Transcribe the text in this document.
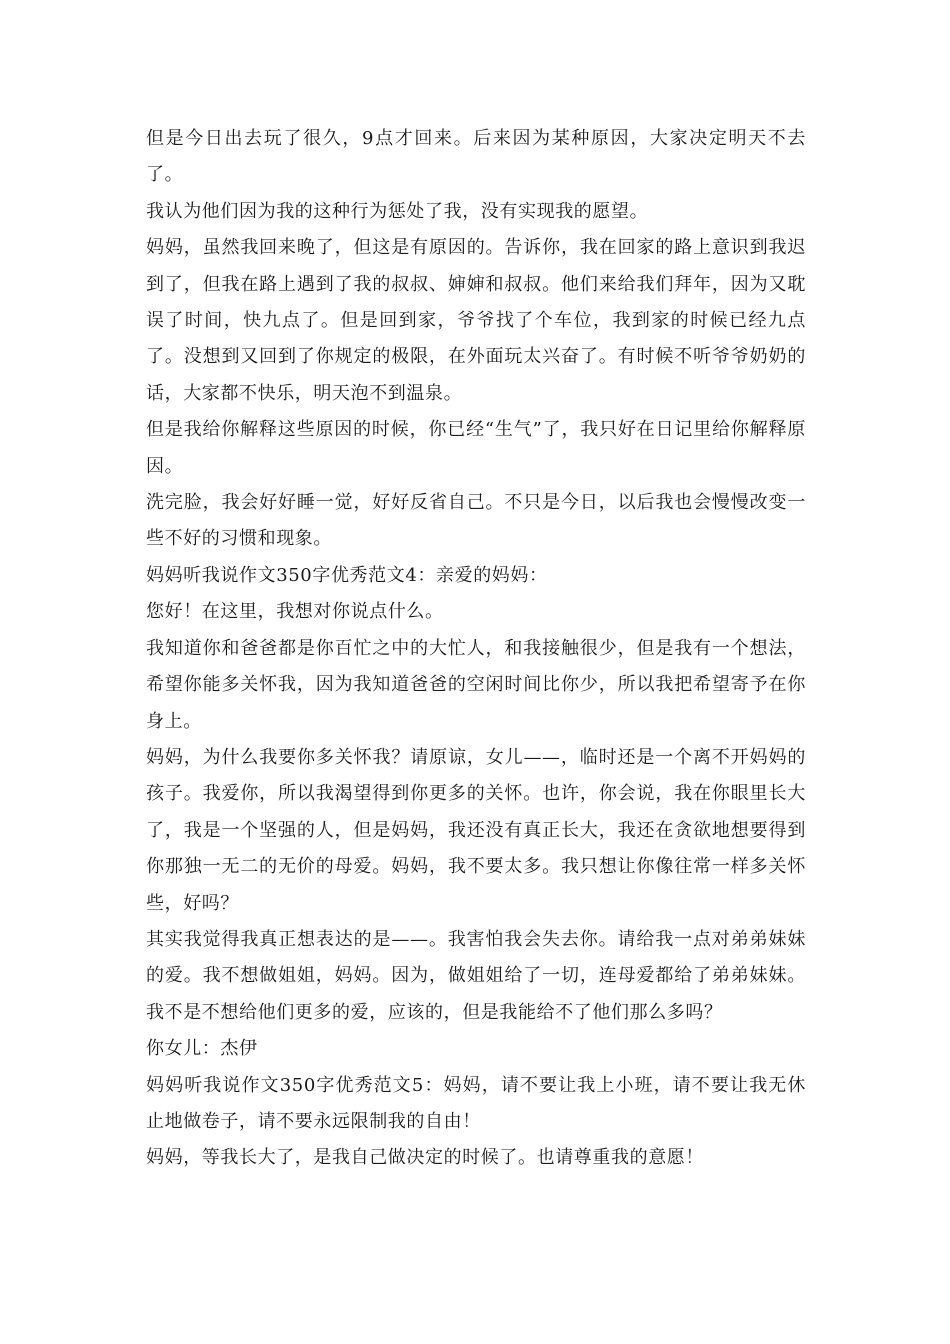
但是今日出去玩了很久，9点才回来。后来因为某种原因，大家决定明天不去了。

我认为他们因为我的这种行为惩处了我，没有实现我的愿望。

妈妈，虽然我回来晚了，但这是有原因的。告诉你，我在回家的路上意识到我迟到了，但我在路上遇到了我的叔叔、婶婶和叔叔。他们来给我们拜年，因为又耽误了时间，快九点了。但是回到家，爷爷找了个车位，我到家的时候已经九点了。没想到又回到了你规定的极限，在外面玩太兴奋了。有时候不听爷爷奶奶的话，大家都不快乐，明天泡不到温泉。

但是我给你解释这些原因的时候，你已经“生气”了，我只好在日记里给你解释原因。

洗完脸，我会好好睡一觉，好好反省自己。不只是今日，以后我也会慢慢改变一些不好的习惯和现象。

妈妈听我说作文350字优秀范文4：亲爱的妈妈：

您好！在这里，我想对你说点什么。

我知道你和爸爸都是你百忙之中的大忙人，和我接触很少，但是我有一个想法，希望你能多关怀我，因为我知道爸爸的空闲时间比你少，所以我把希望寄予在你身上。

妈妈，为什么我要你多关怀我？请原谅，女儿——，临时还是一个离不开妈妈的孩子。我爱你，所以我渴望得到你更多的关怀。也许，你会说，我在你眼里长大了，我是一个坚强的人，但是妈妈，我还没有真正长大，我还在贪欲地想要得到你那独一无二的无价的母爱。妈妈，我不要太多。我只想让你像往常一样多关怀些，好吗？

其实我觉得我真正想表达的是——。我害怕我会失去你。请给我一点对弟弟妹妹的爱。我不想做姐姐，妈妈。因为，做姐姐给了一切，连母爱都给了弟弟妹妹。我不是不想给他们更多的爱，应该的，但是我能给不了他们那么多吗？

你女儿：杰伊

妈妈听我说作文350字优秀范文5：妈妈，请不要让我上小班，请不要让我无休止地做卷子，请不要永远限制我的自由！

妈妈，等我长大了，是我自己做决定的时候了。也请尊重我的意愿！
